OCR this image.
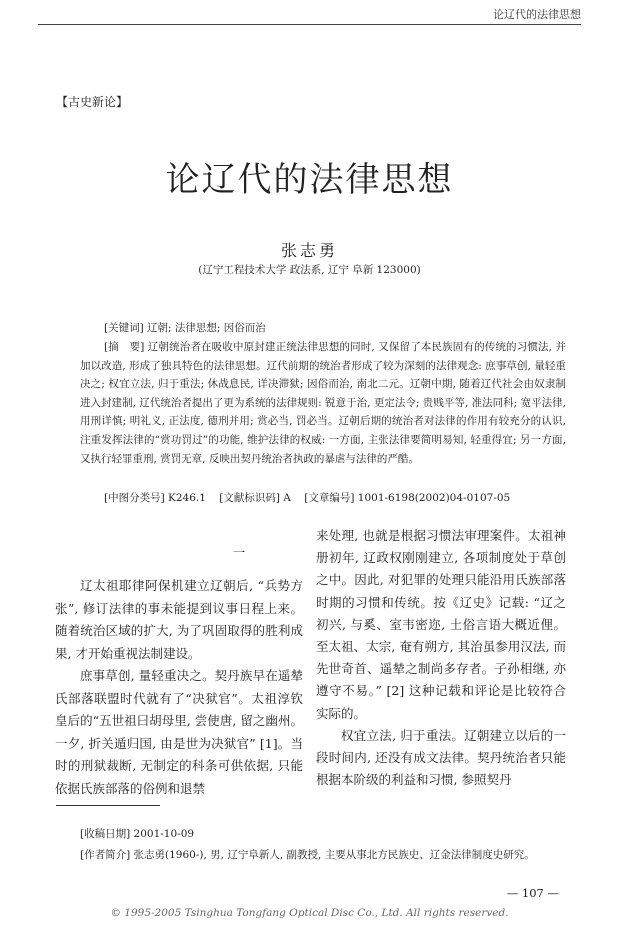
论辽代的法律思想
【古史新论】
论辽代的法律思想
张志勇
(辽宁工程技术大学 政法系, 辽宁 阜新 123000)
[关键词] 辽朝; 法律思想; 因俗而治
[摘　要] 辽朝统治者在吸收中原封建正统法律思想的同时, 又保留了本民族固有的传统的习惯法, 并加以改造, 形成了独具特色的法律思想。辽代前期的统治者形成了较为深刻的法律观念: 庶事草创, 量轻重决之; 权宜立法, 归于重法; 休战息民, 详决滞狱; 因俗而治, 南北二元。辽朝中期, 随着辽代社会由奴隶制进入封建制, 辽代统治者提出了更为系统的法律规则: 锐意于治, 更定法令; 贵贱平等, 准法同科; 宽平法律, 用刑详慎; 明礼义, 正法度, 德刑并用; 赏必当, 罚必当。辽朝后期的统治者对法律的作用有较充分的认识, 注重发挥法律的“赏功罚过”的功能, 维护法律的权威: 一方面, 主张法律要简明易知, 轻重得宜; 另一方面, 又执行轻罪重刑, 赏罚无章, 反映出契丹统治者执政的暴虐与法律的严酷。
[中图分类号] K246.1 [文献标识码] A [文章编号] 1001-6198(2002)04-0107-05
一

辽太祖耶律阿保机建立辽朝后, “兵势方张”, 修订法律的事未能提到议事日程上来。随着统治区域的扩大, 为了巩固取得的胜利成果, 才开始重视法制建设。

庶事草创, 量轻重决之。契丹族早在遥辇氏部落联盟时代就有了“决狱官”。太祖淳钦皇后的“五世祖曰胡母里, 尝使唐, 留之幽州。一夕, 折关遁归国, 由是世为决狱官” [1]。当时的刑狱裁断, 无制定的科条可供依据, 只能依据氏族部落的俗例和退禁

来处理, 也就是根据习惯法审理案件。太祖神册初年, 辽政权刚刚建立, 各项制度处于草创之中。因此, 对犯罪的处理只能沿用氏族部落时期的习惯和传统。按《辽史》记载: “辽之初兴, 与奚、室韦密迩, 土俗言语大概近俚。至太祖、太宗, 奄有朔方, 其治虽参用汉法, 而先世奇首、遥辇之制尚多存者。子孙相继, 亦遵守不易。” [2] 这种记载和评论是比较符合实际的。

权宜立法, 归于重法。辽朝建立以后的一段时间内, 还没有成文法律。契丹统治者只能根据本阶级的利益和习惯, 参照契丹

[收稿日期] 2001-10-09
[作者简介] 张志勇(1960-), 男, 辽宁阜新人, 副教授, 主要从事北方民族史、辽金法律制度史研究。
— 107 —
© 1995-2005 Tsinghua Tongfang Optical Disc Co., Ltd. All rights reserved.
